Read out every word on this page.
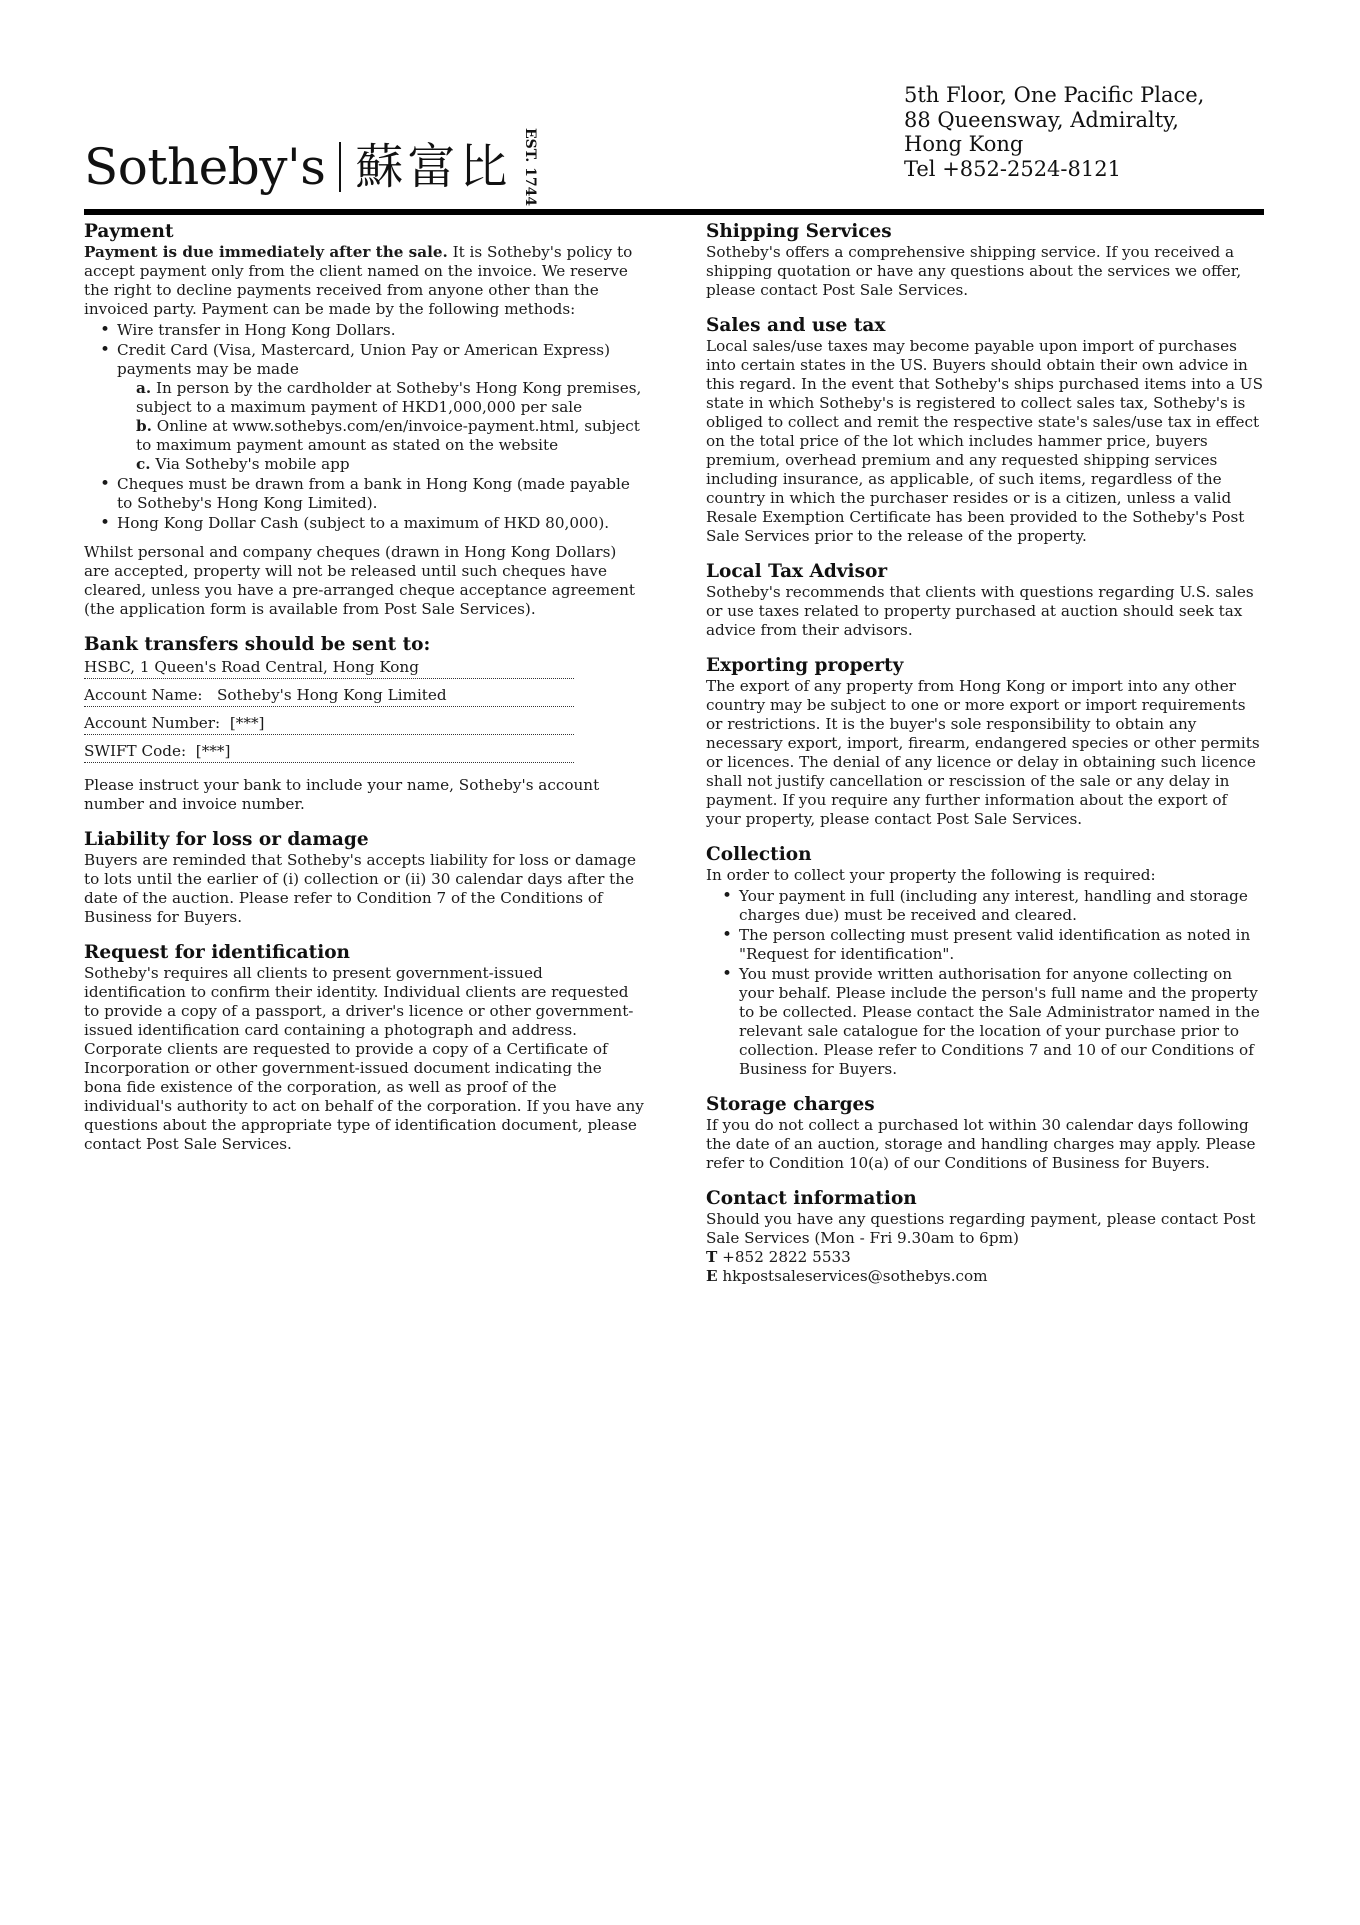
Sotheby's 蘇富比 EST. 1744
5th Floor, One Pacific Place,
88 Queensway, Admiralty,
Hong Kong
Tel +852-2524-8121
Payment

Payment is due immediately after the sale. It is Sotheby's policy to accept payment only from the client named on the invoice. We reserve the right to decline payments received from anyone other than the invoiced party. Payment can be made by the following methods:

• Wire transfer in Hong Kong Dollars.
• Credit Card (Visa, Mastercard, Union Pay or American Express) payments may be made
a. In person by the cardholder at Sotheby's Hong Kong premises, subject to a maximum payment of HKD1,000,000 per sale
b. Online at www.sothebys.com/en/invoice-payment.html, subject to maximum payment amount as stated on the website
c. Via Sotheby's mobile app
• Cheques must be drawn from a bank in Hong Kong (made payable to Sotheby's Hong Kong Limited).
• Hong Kong Dollar Cash (subject to a maximum of HKD 80,000).

Whilst personal and company cheques (drawn in Hong Kong Dollars) are accepted, property will not be released until such cheques have cleared, unless you have a pre-arranged cheque acceptance agreement (the application form is available from Post Sale Services).

Bank transfers should be sent to:
HSBC, 1 Queen's Road Central, Hong Kong
Account Name: Sotheby's Hong Kong Limited
Account Number: [***]
SWIFT Code: [***]

Please instruct your bank to include your name, Sotheby's account number and invoice number.

Liability for loss or damage

Buyers are reminded that Sotheby's accepts liability for loss or damage to lots until the earlier of (i) collection or (ii) 30 calendar days after the date of the auction. Please refer to Condition 7 of the Conditions of Business for Buyers.

Request for identification

Sotheby's requires all clients to present government-issued identification to confirm their identity. Individual clients are requested to provide a copy of a passport, a driver's licence or other government-issued identification card containing a photograph and address. Corporate clients are requested to provide a copy of a Certificate of Incorporation or other government-issued document indicating the bona fide existence of the corporation, as well as proof of the individual's authority to act on behalf of the corporation. If you have any questions about the appropriate type of identification document, please contact Post Sale Services.

Shipping Services

Sotheby's offers a comprehensive shipping service. If you received a shipping quotation or have any questions about the services we offer, please contact Post Sale Services.

Sales and use tax

Local sales/use taxes may become payable upon import of purchases into certain states in the US. Buyers should obtain their own advice in this regard. In the event that Sotheby's ships purchased items into a US state in which Sotheby's is registered to collect sales tax, Sotheby's is obliged to collect and remit the respective state's sales/use tax in effect on the total price of the lot which includes hammer price, buyers premium, overhead premium and any requested shipping services including insurance, as applicable, of such items, regardless of the country in which the purchaser resides or is a citizen, unless a valid Resale Exemption Certificate has been provided to the Sotheby's Post Sale Services prior to the release of the property.

Local Tax Advisor

Sotheby's recommends that clients with questions regarding U.S. sales or use taxes related to property purchased at auction should seek tax advice from their advisors.

Exporting property

The export of any property from Hong Kong or import into any other country may be subject to one or more export or import requirements or restrictions. It is the buyer's sole responsibility to obtain any necessary export, import, firearm, endangered species or other permits or licences. The denial of any licence or delay in obtaining such licence shall not justify cancellation or rescission of the sale or any delay in payment. If you require any further information about the export of your property, please contact Post Sale Services.

Collection

In order to collect your property the following is required:

• Your payment in full (including any interest, handling and storage charges due) must be received and cleared.
• The person collecting must present valid identification as noted in "Request for identification".
• You must provide written authorisation for anyone collecting on your behalf. Please include the person's full name and the property to be collected. Please contact the Sale Administrator named in the relevant sale catalogue for the location of your purchase prior to collection. Please refer to Conditions 7 and 10 of our Conditions of Business for Buyers.
Storage charges

If you do not collect a purchased lot within 30 calendar days following the date of an auction, storage and handling charges may apply. Please refer to Condition 10(a) of our Conditions of Business for Buyers.

Contact information

Should you have any questions regarding payment, please contact Post Sale Services (Mon - Fri 9.30am to 6pm)

T +852 2822 5533

E hkpostsaleservices@sothebys.com
